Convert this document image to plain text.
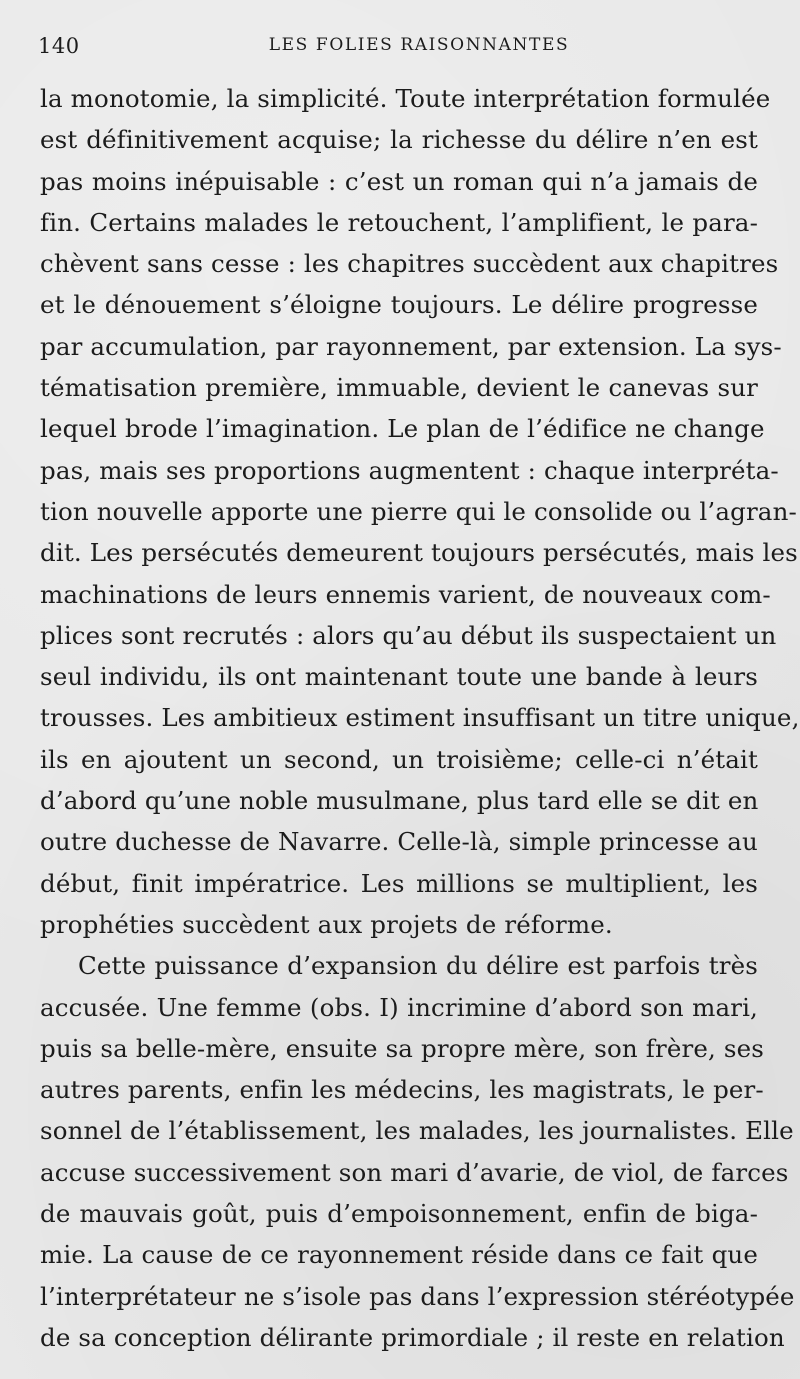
140	LES FOLIES RAISONNANTES
la monotomie, la simplicité. Toute interprétation formulée
est définitivement acquise; la richesse du délire n’en est
pas moins inépuisable : c’est un roman qui n’a jamais de
fin. Certains malades le retouchent, l’amplifient, le para-
chèvent sans cesse : les chapitres succèdent aux chapitres
et le dénouement s’éloigne toujours. Le délire progresse
par accumulation, par rayonnement, par extension. La sys-
tématisation première, immuable, devient le canevas sur
lequel brode l’imagination. Le plan de l’édifice ne change
pas, mais ses proportions augmentent : chaque interpréta-
tion nouvelle apporte une pierre qui le consolide ou l’agran-
dit. Les persécutés demeurent toujours persécutés, mais les
machinations de leurs ennemis varient, de nouveaux com-
plices sont recrutés : alors qu’au début ils suspectaient un
seul individu, ils ont maintenant toute une bande à leurs
trousses. Les ambitieux estiment insuffisant un titre unique,
ils en ajoutent un second, un troisième; celle-ci n’était
d’abord qu’une noble musulmane, plus tard elle se dit en
outre duchesse de Navarre. Celle-là, simple princesse au
début, finit impératrice. Les millions se multiplient, les
prophéties succèdent aux projets de réforme.
Cette puissance d’expansion du délire est parfois très
accusée. Une femme (obs. I) incrimine d’abord son mari,
puis sa belle-mère, ensuite sa propre mère, son frère, ses
autres parents, enfin les médecins, les magistrats, le per-
sonnel de l’établissement, les malades, les journalistes. Elle
accuse successivement son mari d’avarie, de viol, de farces
de mauvais goût, puis d’empoisonnement, enfin de biga-
mie. La cause de ce rayonnement réside dans ce fait que
l’interprétateur ne s’isole pas dans l’expression stéréotypée
de sa conception délirante primordiale ; il reste en relation
